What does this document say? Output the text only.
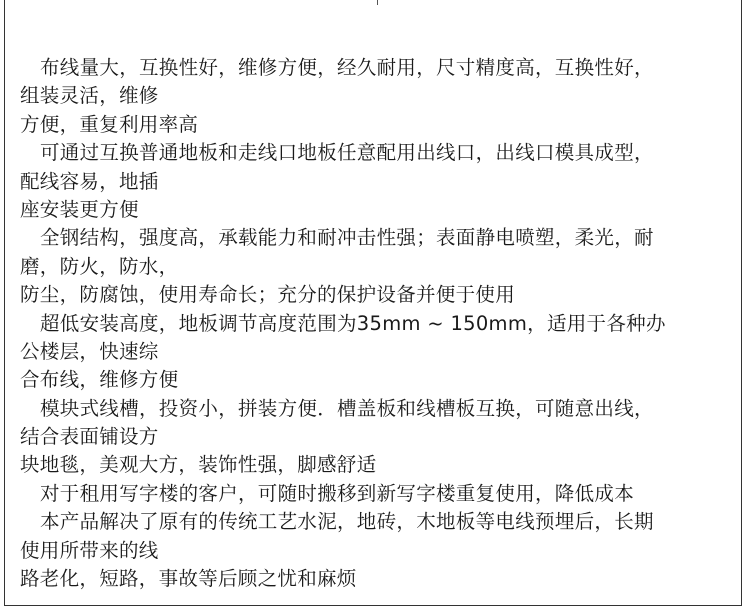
布线量大，互换性好，维修方便，经久耐用，尺寸精度高，互换性好，
组装灵活，维修
方便，重复利用率高
可通过互换普通地板和走线口地板任意配用出线口，出线口模具成型，
配线容易，地插
座安装更方便
全钢结构，强度高，承载能力和耐冲击性强；表面静电喷塑，柔光，耐
磨，防火，防水，
防尘，防腐蚀，使用寿命长；充分的保护设备并便于使用
超低安装高度，地板调节高度范围为35mm ~ 150mm，适用于各种办
公楼层，快速综
合布线，维修方便
模块式线槽，投资小，拼装方便．槽盖板和线槽板互换，可随意出线，
结合表面铺设方
块地毯，美观大方，装饰性强，脚感舒适
对于租用写字楼的客户，可随时搬移到新写字楼重复使用，降低成本
本产品解决了原有的传统工艺水泥，地砖，木地板等电线预埋后，长期
使用所带来的线
路老化，短路，事故等后顾之忧和麻烦
